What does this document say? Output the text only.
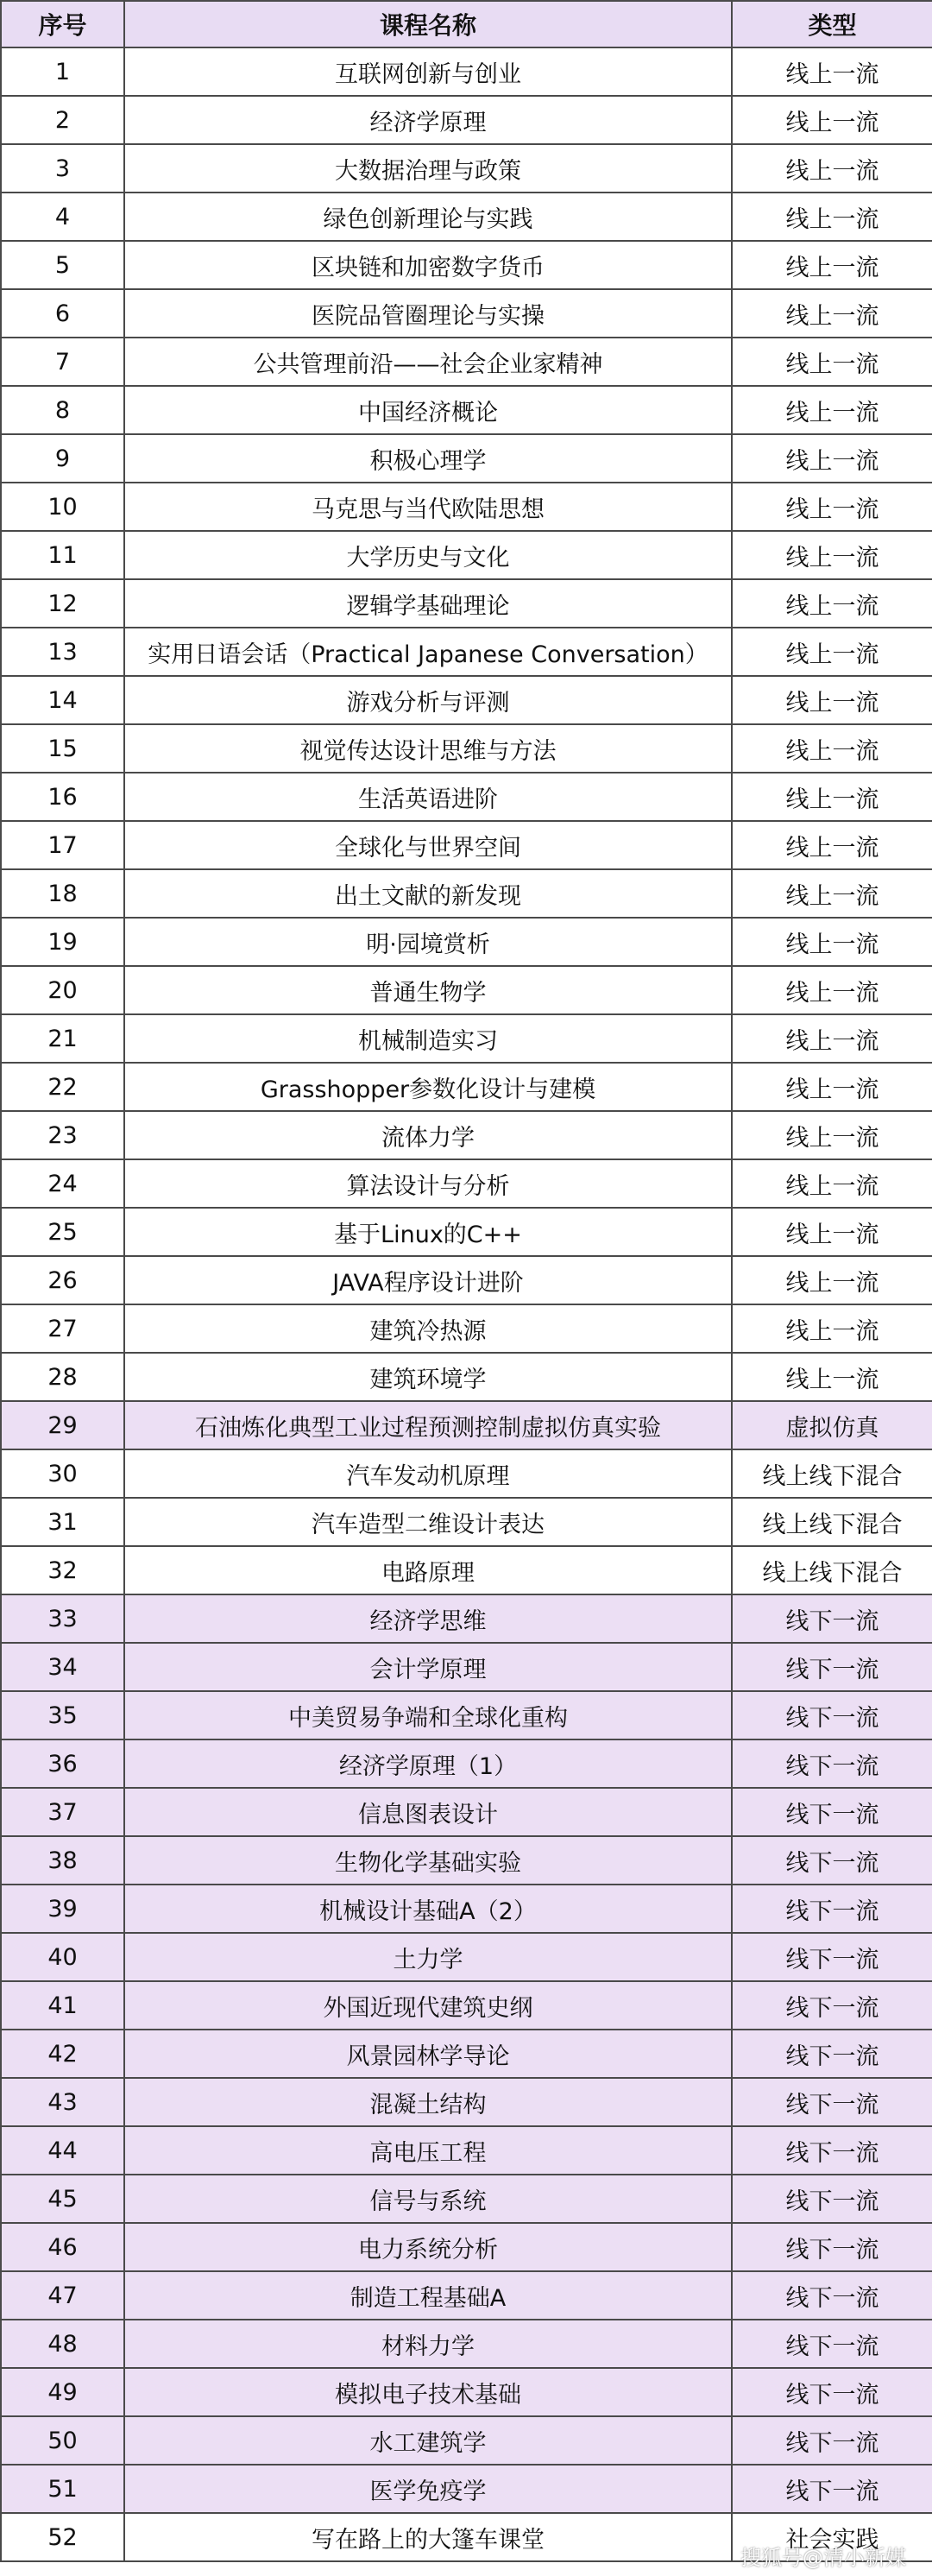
序号	课程名称	类型
1	互联网创新与创业	线上一流
2	经济学原理	线上一流
3	大数据治理与政策	线上一流
4	绿色创新理论与实践	线上一流
5	区块链和加密数字货币	线上一流
6	医院品管圈理论与实操	线上一流
7	公共管理前沿——社会企业家精神	线上一流
8	中国经济概论	线上一流
9	积极心理学	线上一流
10	马克思与当代欧陆思想	线上一流
11	大学历史与文化	线上一流
12	逻辑学基础理论	线上一流
13	实用日语会话（Practical Japanese Conversation）	线上一流
14	游戏分析与评测	线上一流
15	视觉传达设计思维与方法	线上一流
16	生活英语进阶	线上一流
17	全球化与世界空间	线上一流
18	出土文献的新发现	线上一流
19	明·园境赏析	线上一流
20	普通生物学	线上一流
21	机械制造实习	线上一流
22	Grasshopper参数化设计与建模	线上一流
23	流体力学	线上一流
24	算法设计与分析	线上一流
25	基于Linux的C++	线上一流
26	JAVA程序设计进阶	线上一流
27	建筑冷热源	线上一流
28	建筑环境学	线上一流
29	石油炼化典型工业过程预测控制虚拟仿真实验	虚拟仿真
30	汽车发动机原理	线上线下混合
31	汽车造型二维设计表达	线上线下混合
32	电路原理	线上线下混合
33	经济学思维	线下一流
34	会计学原理	线下一流
35	中美贸易争端和全球化重构	线下一流
36	经济学原理（1）	线下一流
37	信息图表设计	线下一流
38	生物化学基础实验	线下一流
39	机械设计基础A（2）	线下一流
40	土力学	线下一流
41	外国近现代建筑史纲	线下一流
42	风景园林学导论	线下一流
43	混凝土结构	线下一流
44	高电压工程	线下一流
45	信号与系统	线下一流
46	电力系统分析	线下一流
47	制造工程基础A	线下一流
48	材料力学	线下一流
49	模拟电子技术基础	线下一流
50	水工建筑学	线下一流
51	医学免疫学	线下一流
52	写在路上的大篷车课堂	社会实践
搜狐号@清小新媒
